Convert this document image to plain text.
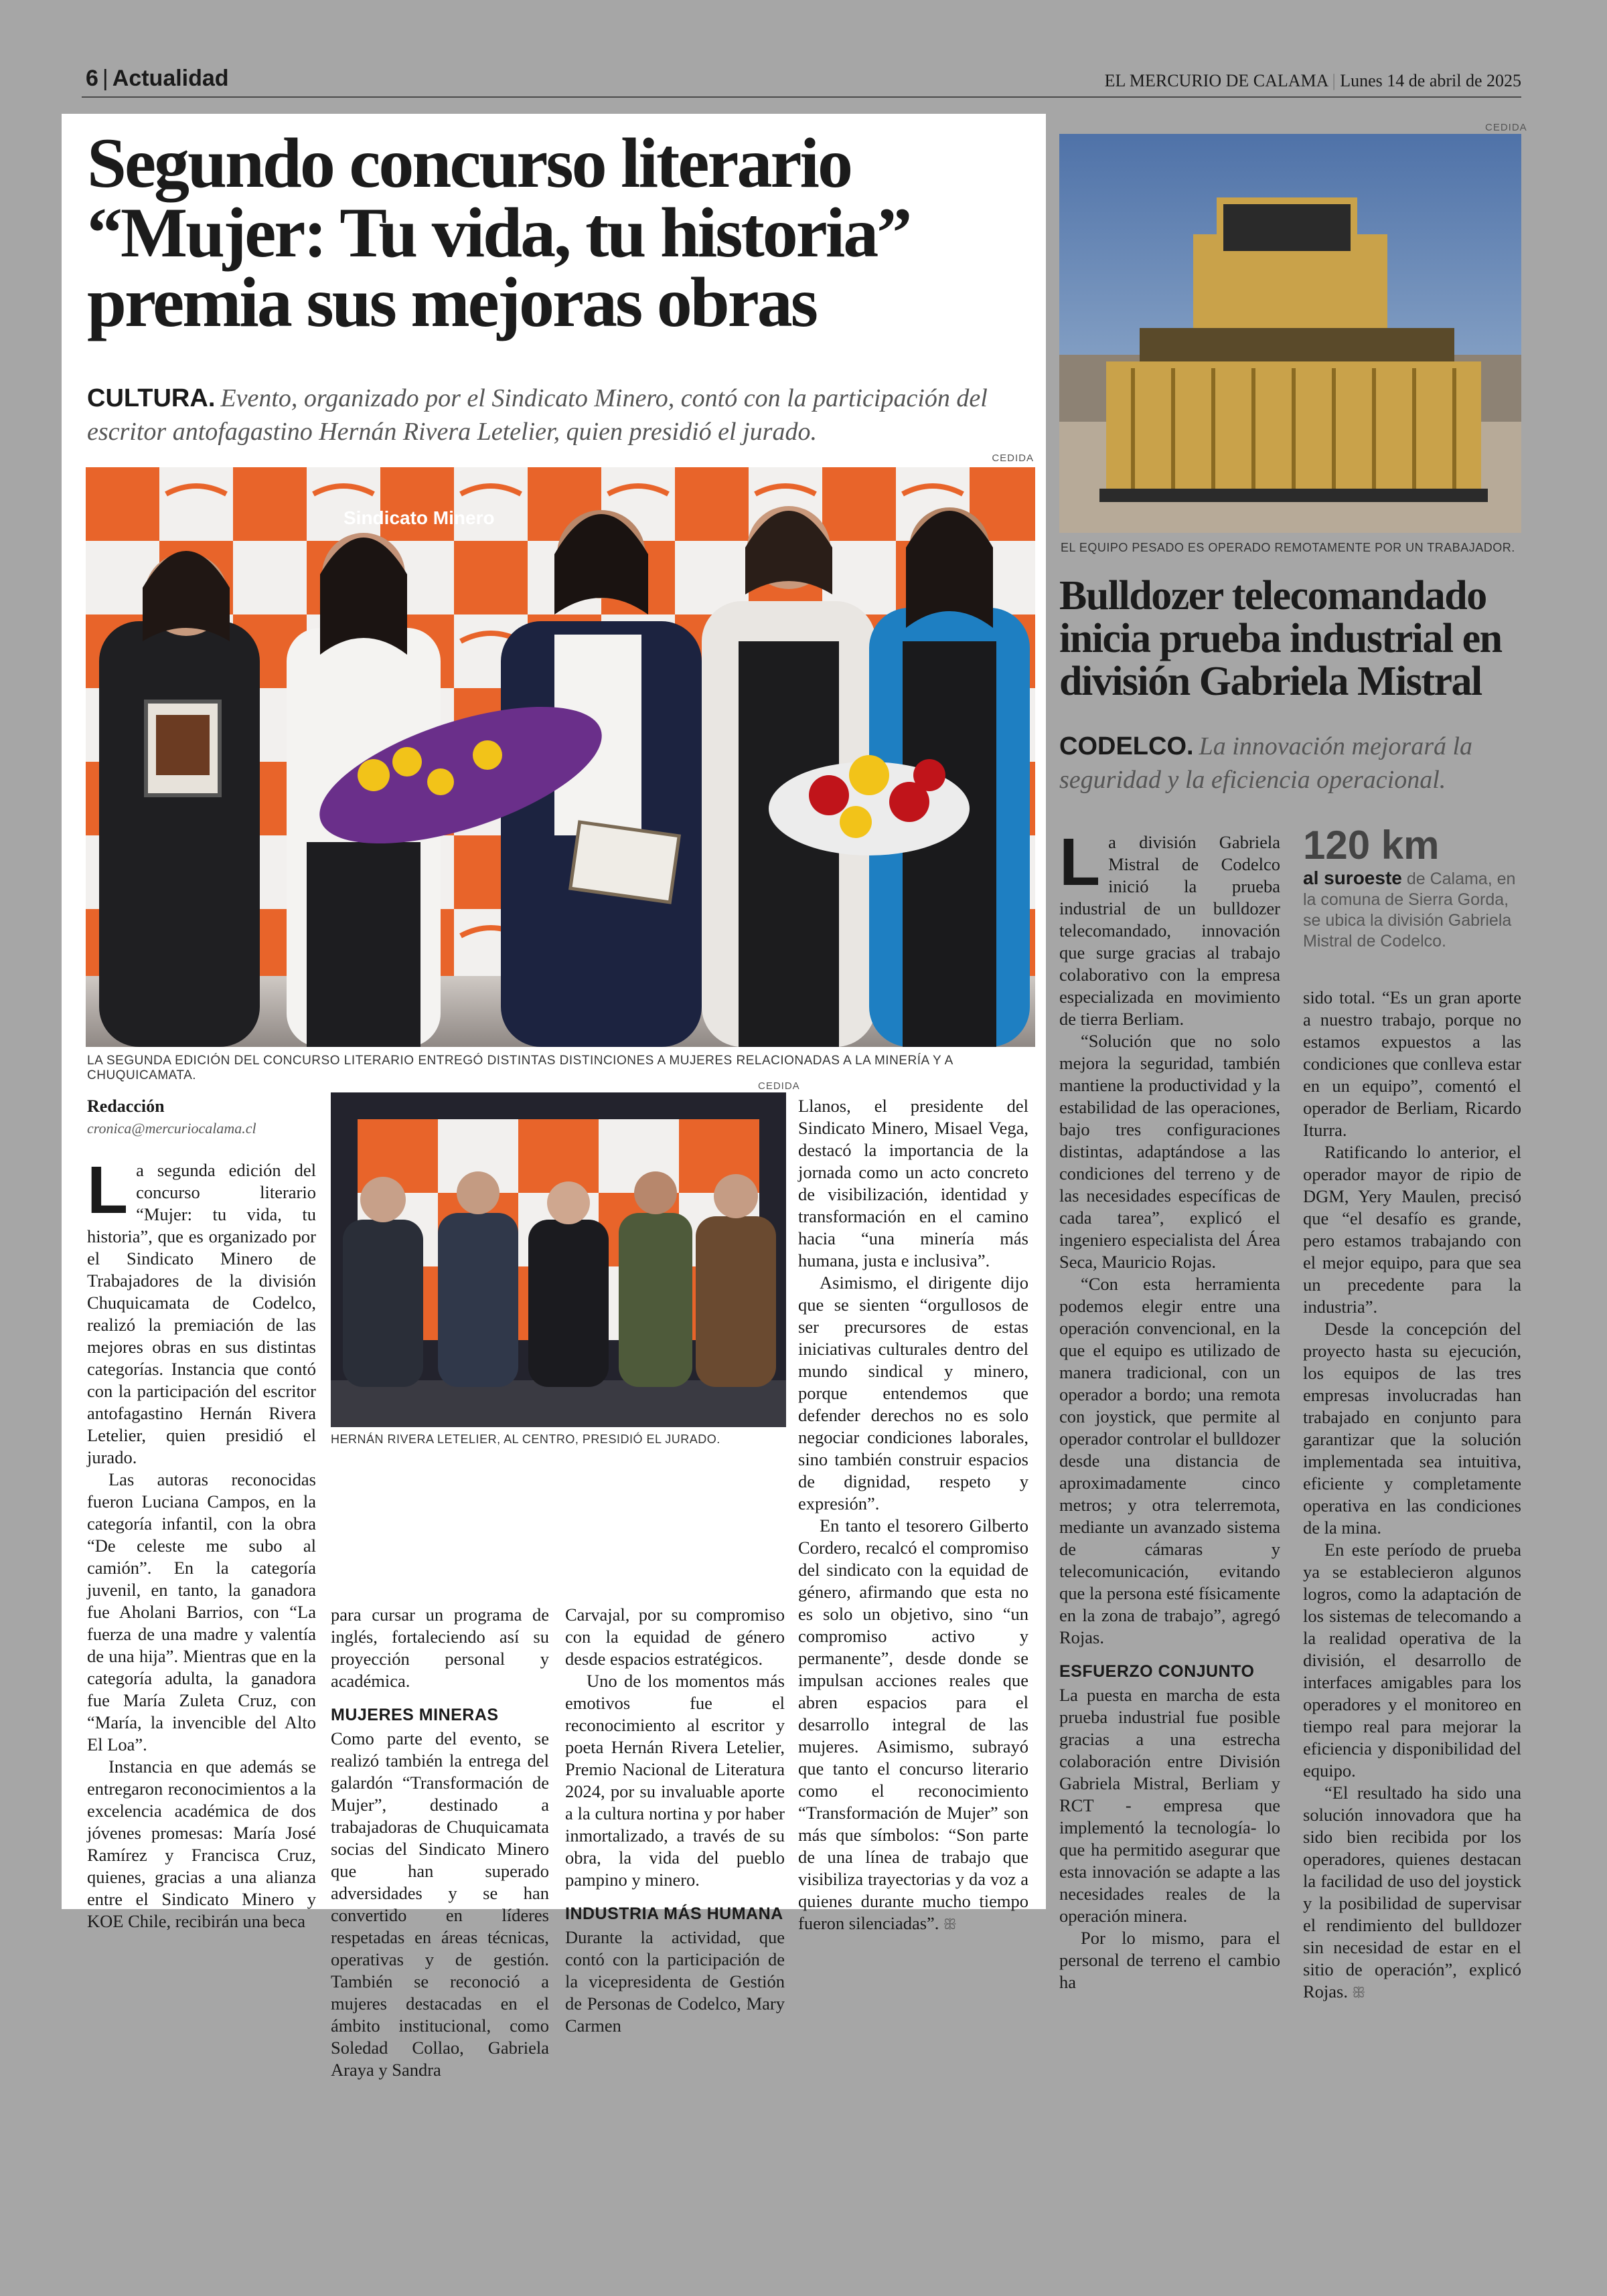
6 | Actualidad	EL MERCURIO DE CALAMA | Lunes 14 de abril de 2025
Segundo concurso literario
“Mujer: Tu vida, tu historia”
premia sus mejoras obras
CULTURA. Evento, organizado por el Sindicato Minero, contó con la participación del escritor antofagastino Hernán Rivera Letelier, quien presidió el jurado.
CEDIDA
Sindicato Minero
LA SEGUNDA EDICIÓN DEL CONCURSO LITERARIO ENTREGÓ DISTINTAS DISTINCIONES A MUJERES RELACIONADAS A LA MINERÍA Y A CHUQUICAMATA.
Redacción
cronica@mercuriocalama.cl

La segunda edición del concurso literario “Mujer: tu vida, tu historia”, que es organizado por el Sindicato Minero de Trabajadores de la división Chuquicamata de Codelco, realizó la premiación de las mejores obras en sus distintas categorías. Instancia que contó con la participación del escritor antofagastino Hernán Rivera Letelier, quien presidió el jurado.

Las autoras reconocidas fueron Luciana Campos, en la categoría infantil, con la obra “De celeste me subo al camión”. En la categoría juvenil, en tanto, la ganadora fue Aholani Barrios, con “La fuerza de una madre y valentía de una hija”. Mientras que en la categoría adulta, la ganadora fue María Zuleta Cruz, con “María, la invencible del Alto El Loa”.

Instancia en que además se entregaron reconocimientos a la excelencia académica de dos jóvenes promesas: María José Ramírez y Francisca Cruz, quienes, gracias a una alianza entre el Sindicato Minero y KOE Chile, recibirán una beca

CEDIDA
HERNÁN RIVERA LETELIER, AL CENTRO, PRESIDIÓ EL JURADO.

para cursar un programa de inglés, fortaleciendo así su proyección personal y académica.

MUJERES MINERAS

Como parte del evento, se realizó también la entrega del galardón “Transformación de Mujer”, destinado a trabajadoras de Chuquicamata socias del Sindicato Minero que han superado adversidades y se han convertido en líderes respetadas en áreas técnicas, operativas y de gestión. También se reconoció a mujeres destacadas en el ámbito institucional, como Soledad Collao, Gabriela Araya y Sandra

Carvajal, por su compromiso con la equidad de género desde espacios estratégicos.

Uno de los momentos más emotivos fue el reconocimiento al escritor y poeta Hernán Rivera Letelier, Premio Nacional de Literatura 2024, por su invaluable aporte a la cultura nortina y por haber inmortalizado, a través de su obra, la vida del pueblo pampino y minero.

INDUSTRIA MÁS HUMANA

Durante la actividad, que contó con la participación de la vicepresidenta de Gestión de Personas de Codelco, Mary Carmen

Llanos, el presidente del Sindicato Minero, Misael Vega, destacó la importancia de la jornada como un acto concreto de visibilización, identidad y transformación en el camino hacia “una minería más humana, justa e inclusiva”.

Asimismo, el dirigente dijo que se sienten “orgullosos de ser precursores de estas iniciativas culturales dentro del mundo sindical y minero, porque entendemos que defender derechos no es solo negociar condiciones laborales, sino también construir espacios de dignidad, respeto y expresión”.

En tanto el tesorero Gilberto Cordero, recalcó el compromiso del sindicato con la equidad de género, afirmando que esta no es solo un objetivo, sino “un compromiso activo y permanente”, desde donde se impulsan acciones reales que abren espacios para el desarrollo integral de las mujeres. Asimismo, subrayó que tanto el concurso literario como el reconocimiento “Transformación de Mujer” son más que símbolos: “Son parte de una línea de trabajo que visibiliza trayectorias y da voz a quienes durante mucho tiempo fueron silenciadas”. ꕥ

CEDIDA
EL EQUIPO PESADO ES OPERADO REMOTAMENTE POR UN TRABAJADOR.
Bulldozer telecomandado
inicia prueba industrial en
división Gabriela Mistral
CODELCO. La innovación mejorará la seguridad y la eficiencia operacional.

La división Gabriela Mistral de Codelco inició la prueba industrial de un bulldozer telecomandado, innovación que surge gracias al trabajo colaborativo con la empresa especializada en movimiento de tierra Berliam.

“Solución que no solo mejora la seguridad, también mantiene la productividad y la estabilidad de las operaciones, bajo tres configuraciones distintas, adaptándose a las condiciones del terreno y de las necesidades específicas de cada tarea”, explicó el ingeniero especialista del Área Seca, Mauricio Rojas.

“Con esta herramienta podemos elegir entre una operación convencional, en la que el equipo es utilizado de manera tradicional, con un operador a bordo; una remota con joystick, que permite al operador controlar el bulldozer desde una distancia de aproximadamente cinco metros; y otra telerremota, mediante un avanzado sistema de cámaras y telecomunicación, evitando que la persona esté físicamente en la zona de trabajo”, agregó Rojas.

ESFUERZO CONJUNTO

La puesta en marcha de esta prueba industrial fue posible gracias a una estrecha colaboración entre División Gabriela Mistral, Berliam y RCT - empresa que implementó la tecnología- lo que ha permitido asegurar que esta innovación se adapte a las necesidades reales de la operación minera.

Por lo mismo, para el personal de terreno el cambio ha

120 km
al suroeste de Calama, en la comuna de Sierra Gorda, se ubica la división Gabriela Mistral de Codelco.

sido total. “Es un gran aporte a nuestro trabajo, porque no estamos expuestos a las condiciones que conlleva estar en un equipo”, comentó el operador de Berliam, Ricardo Iturra.

Ratificando lo anterior, el operador mayor de ripio de DGM, Yery Maulen, precisó que “el desafío es grande, pero estamos trabajando con el mejor equipo, para que sea un precedente para la industria”.

Desde la concepción del proyecto hasta su ejecución, los equipos de las tres empresas involucradas han trabajado en conjunto para garantizar que la solución implementada sea intuitiva, eficiente y completamente operativa en las condiciones de la mina.

En este período de prueba ya se establecieron algunos logros, como la adaptación de los sistemas de telecomando a la realidad operativa de la división, el desarrollo de interfaces amigables para los operadores y el monitoreo en tiempo real para mejorar la eficiencia y disponibilidad del equipo.

“El resultado ha sido una solución innovadora que ha sido bien recibida por los operadores, quienes destacan la facilidad de uso del joystick y la posibilidad de supervisar el rendimiento del bulldozer sin necesidad de estar en el sitio de operación”, explicó Rojas. ꕥ
